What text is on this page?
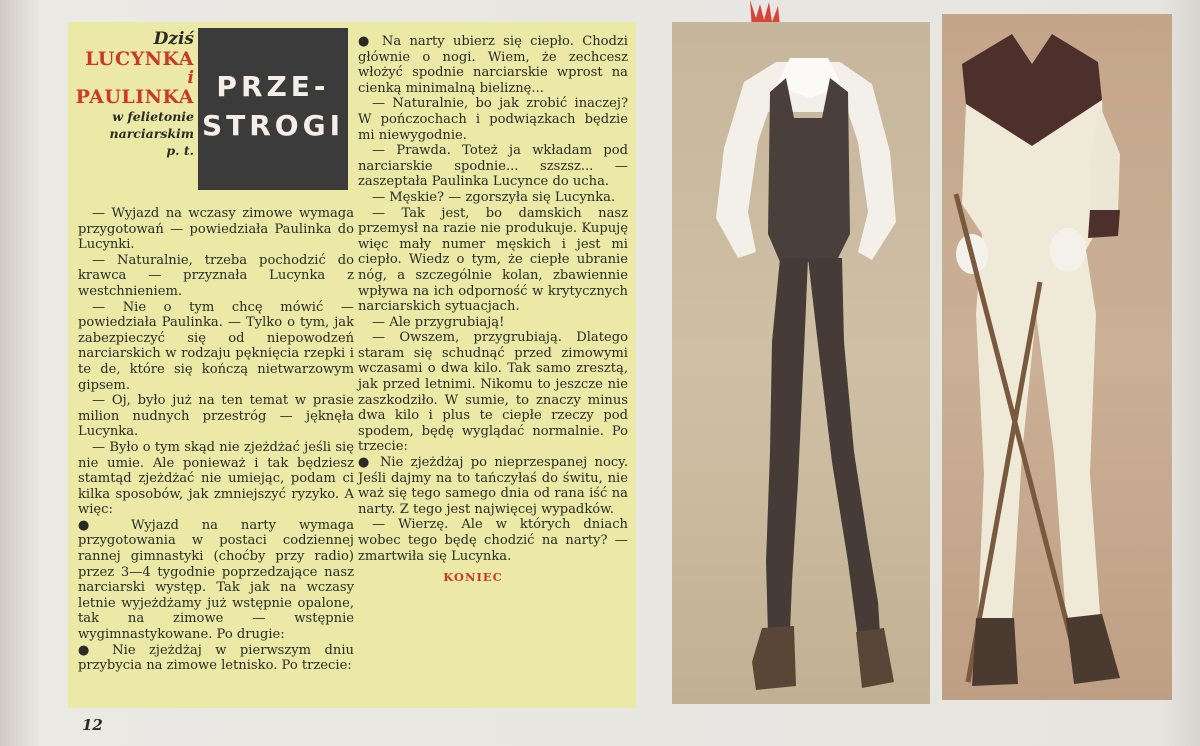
Dziś
LUCYNKA
i
PAULINKA
w felietonie
narciarskim
p. t.
PRZE-
STROGI

— Wyjazd na wczasy zimowe wymaga przygotowań — powiedziała Paulinka do Lucynki.

— Naturalnie, trzeba pochodzić do krawca — przyznała Lucynka z westchnieniem.

— Nie o tym chcę mówić — powiedziała Paulinka. — Tylko o tym, jak zabezpieczyć się od niepowodzeń narciarskich w rodzaju pęknięcia rzepki i te de, które się kończą nietwarzowym gipsem.

— Oj, było już na ten temat w prasie milion nudnych przestróg — jęknęła Lucynka.

— Było o tym skąd nie zjeżdżać jeśli się nie umie. Ale ponieważ i tak będziesz stamtąd zjeżdżać nie umiejąc, podam ci kilka sposobów, jak zmniejszyć ryzyko. A więc:

● Wyjazd na narty wymaga przygotowania w postaci codziennej rannej gimnastyki (choćby przy radio) przez 3—4 tygodnie poprzedzające nasz narciarski występ. Tak jak na wczasy letnie wyjeżdżamy już wstępnie opalone, tak na zimowe — wstępnie wygimnastykowane. Po drugie:

● Nie zjeżdżaj w pierwszym dniu przybycia na zimowe letnisko. Po trzecie:

● Na narty ubierz się ciepło. Chodzi głównie o nogi. Wiem, że zechcesz włożyć spodnie narciarskie wprost na cienką minimalną bieliznę...

— Naturalnie, bo jak zrobić inaczej? W pończochach i podwiązkach będzie mi niewygodnie.

— Prawda. Toteż ja wkładam pod narciarskie spodnie... szszsz... — zaszeptała Paulinka Lucyncе do ucha.

— Męskie? — zgorszyła się Lucynka.

— Tak jest, bo damskich nasz przemysł na razie nie produkuje. Kupuję więc mały numer męskich i jest mi ciepło. Wiedz o tym, że ciepłe ubranie nóg, a szczególnie kolan, zbawiennie wpływa na ich odporność w krytycznych narciarskich sytuacjach.

— Ale przygrubiają!

— Owszem, przygrubiają. Dlatego staram się schudnąć przed zimowymi wczasami o dwa kilo. Tak samo zresztą, jak przed letnimi. Nikomu to jeszcze nie zaszkodziło. W sumie, to znaczy minus dwa kilo i plus te ciepłe rzeczy pod spodem, będę wyglądać normalnie. Po trzecie:

● Nie zjeżdżaj po nieprzespanej nocy. Jeśli dajmy na to tańczyłaś do świtu, nie waż się tego samego dnia od rana iść na narty. Z tego jest najwięcej wypadków.

— Wierzę. Ale w których dniach wobec tego będę chodzić na narty? — zmartwiła się Lucynka.

KONIEC
12
